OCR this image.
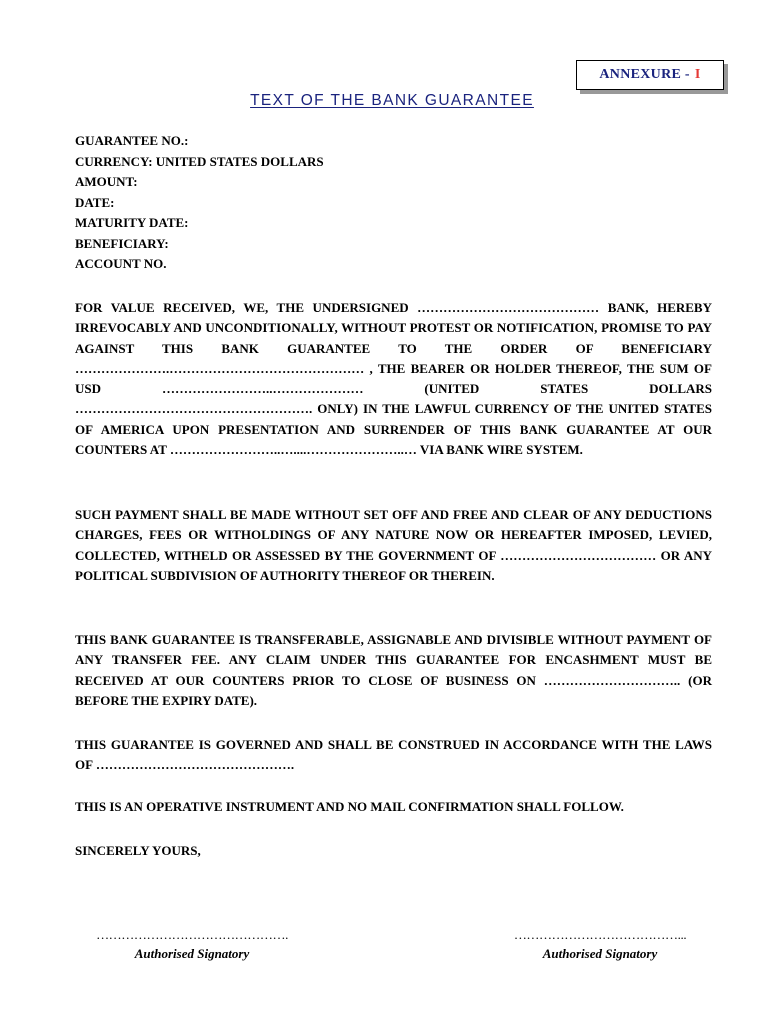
ANNEXURE - I
TEXT OF THE BANK GUARANTEE
GUARANTEE NO.:
CURRENCY: UNITED STATES DOLLARS
AMOUNT:
DATE:
MATURITY DATE:
BENEFICIARY:
ACCOUNT NO.

FOR VALUE RECEIVED, WE, THE UNDERSIGNED …………………………………… BANK, HEREBY IRREVOCABLY AND UNCONDITIONALLY, WITHOUT PROTEST OR NOTIFICATION, PROMISE TO PAY AGAINST THIS BANK GUARANTEE TO THE ORDER OF BENEFICIARY ………………….……………………………………… , THE BEARER OR HOLDER THEREOF, THE SUM OF USD ……………………..………………… (UNITED STATES DOLLARS ………………………………………………. ONLY) IN THE LAWFUL CURRENCY OF THE UNITED STATES OF AMERICA UPON PRESENTATION AND SURRENDER OF THIS BANK GUARANTEE AT OUR COUNTERS AT ……………………..…....…………………..… VIA BANK WIRE SYSTEM.

SUCH PAYMENT SHALL BE MADE WITHOUT SET OFF AND FREE AND CLEAR OF ANY DEDUCTIONS CHARGES, FEES OR WITHOLDINGS OF ANY NATURE NOW OR HEREAFTER IMPOSED, LEVIED, COLLECTED, WITHELD OR ASSESSED BY THE GOVERNMENT OF ……………………………… OR ANY POLITICAL SUBDIVISION OF AUTHORITY THEREOF OR THEREIN.

THIS BANK GUARANTEE IS TRANSFERABLE, ASSIGNABLE AND DIVISIBLE WITHOUT PAYMENT OF ANY TRANSFER FEE. ANY CLAIM UNDER THIS GUARANTEE FOR ENCASHMENT MUST BE RECEIVED AT OUR COUNTERS PRIOR TO CLOSE OF BUSINESS ON ………………………….. (OR BEFORE THE EXPIRY DATE).

THIS GUARANTEE IS GOVERNED AND SHALL BE CONSTRUED IN ACCORDANCE WITH THE LAWS OF ……………………………………….

THIS IS AN OPERATIVE INSTRUMENT AND NO MAIL CONFIRMATION SHALL FOLLOW.

SINCERELY YOURS,

……………………………………….
Authorised Signatory
…………………………………...
Authorised Signatory
